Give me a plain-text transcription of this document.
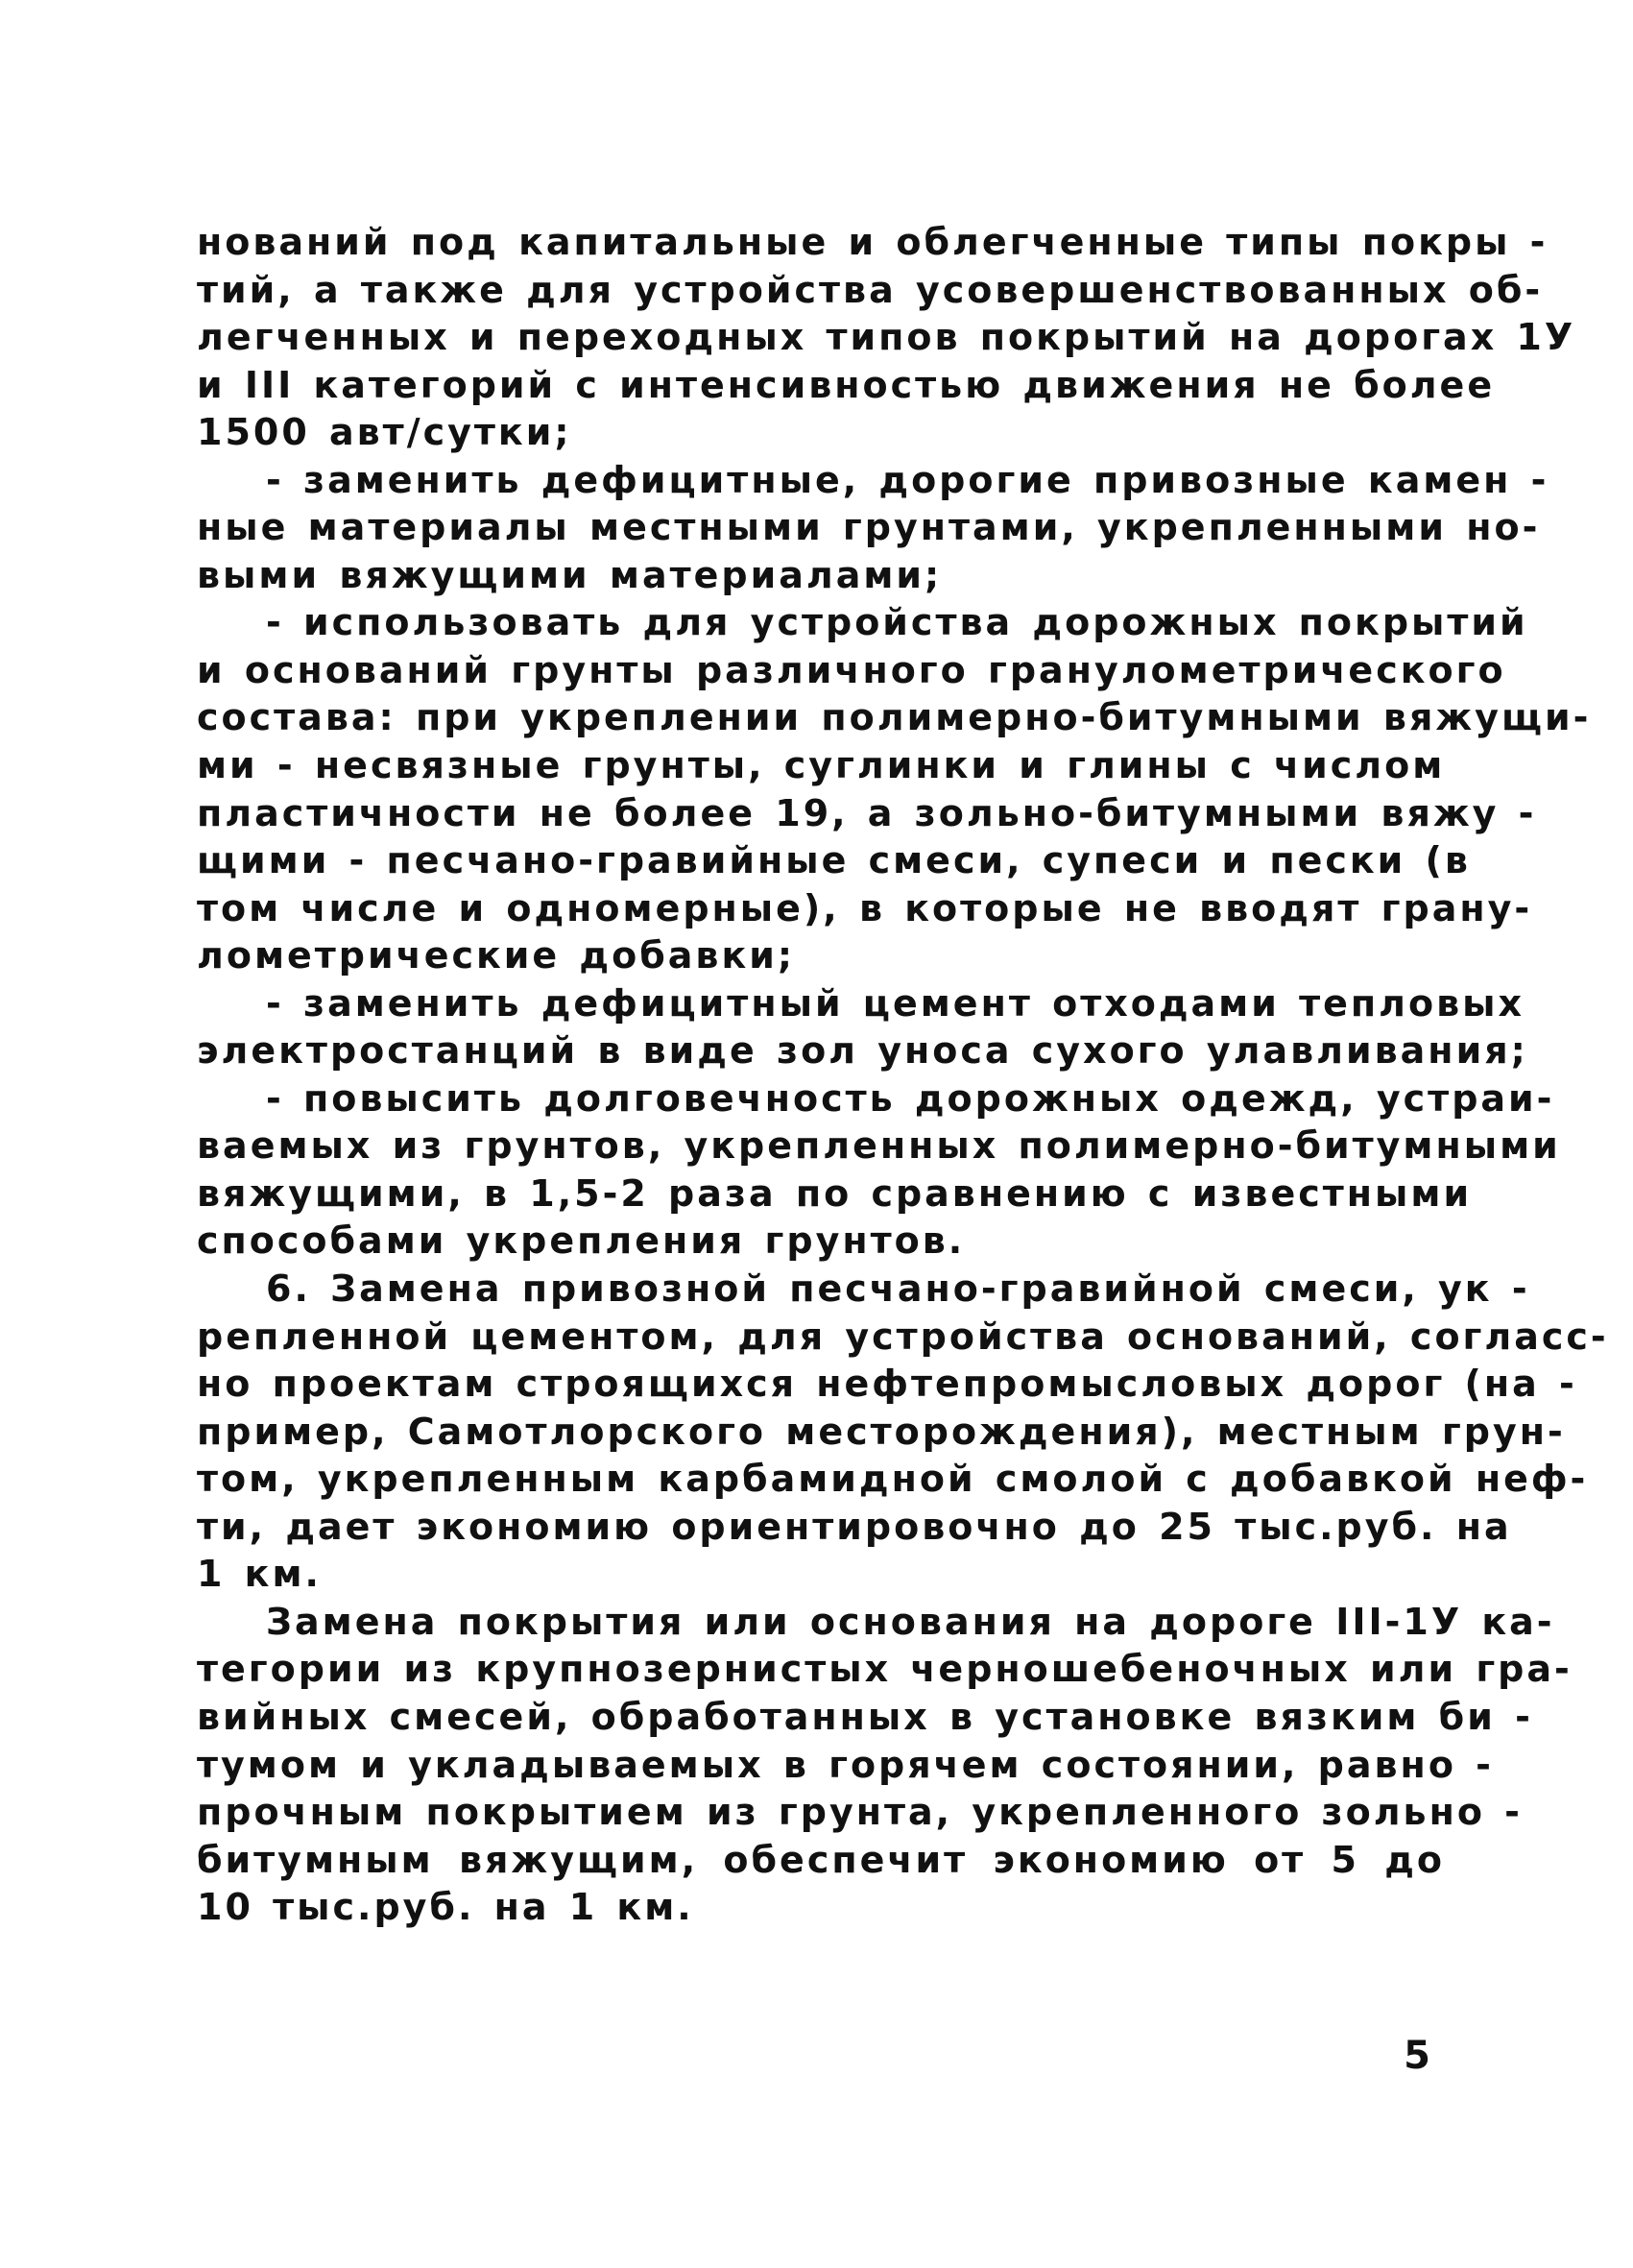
нований под капитальные и облегченные типы покры -
тий, а также для устройства усовершенствованных об-
легченных и переходных типов покрытий на дорогах 1У
и III категорий с интенсивностью движения не более
1500 авт/сутки;
- заменить дефицитные, дорогие привозные камен -
ные материалы местными грунтами, укрепленными но-
выми вяжущими материалами;
- использовать для устройства дорожных покрытий
и оснований грунты различного гранулометрического
состава: при укреплении полимерно-битумными вяжущи-
ми - несвязные грунты, суглинки и глины с числом
пластичности не более 19, а зольно-битумными вяжу -
щими - песчано-гравийные смеси, супеси и пески (в
том числе и одномерные), в которые не вводят грану-
лометрические добавки;
- заменить дефицитный цемент отходами тепловых
электростанций в виде зол уноса сухого улавливания;
- повысить долговечность дорожных одежд, устраи-
ваемых из грунтов, укрепленных полимерно-битумными
вяжущими, в 1,5-2 раза по сравнению с известными
способами укрепления грунтов.
6. Замена привозной песчано-гравийной смеси, ук -
репленной цементом, для устройства оснований, согласс-
но проектам строящихся нефтепромысловых дорог (на -
пример, Самотлорского месторождения), местным грун-
том, укрепленным карбамидной смолой с добавкой неф-
ти, дает экономию ориентировочно до 25 тыс.руб. на
1 км.
Замена покрытия или основания на дороге III-1У ка-
тегории из крупнозернистых черношебеночных или гра-
вийных смесей, обработанных в установке вязким би -
тумом и укладываемых в горячем состоянии, равно -
прочным покрытием из грунта, укрепленного зольно -
битумным вяжущим, обеспечит экономию от 5 до
10 тыс.руб. на 1 км.
5
